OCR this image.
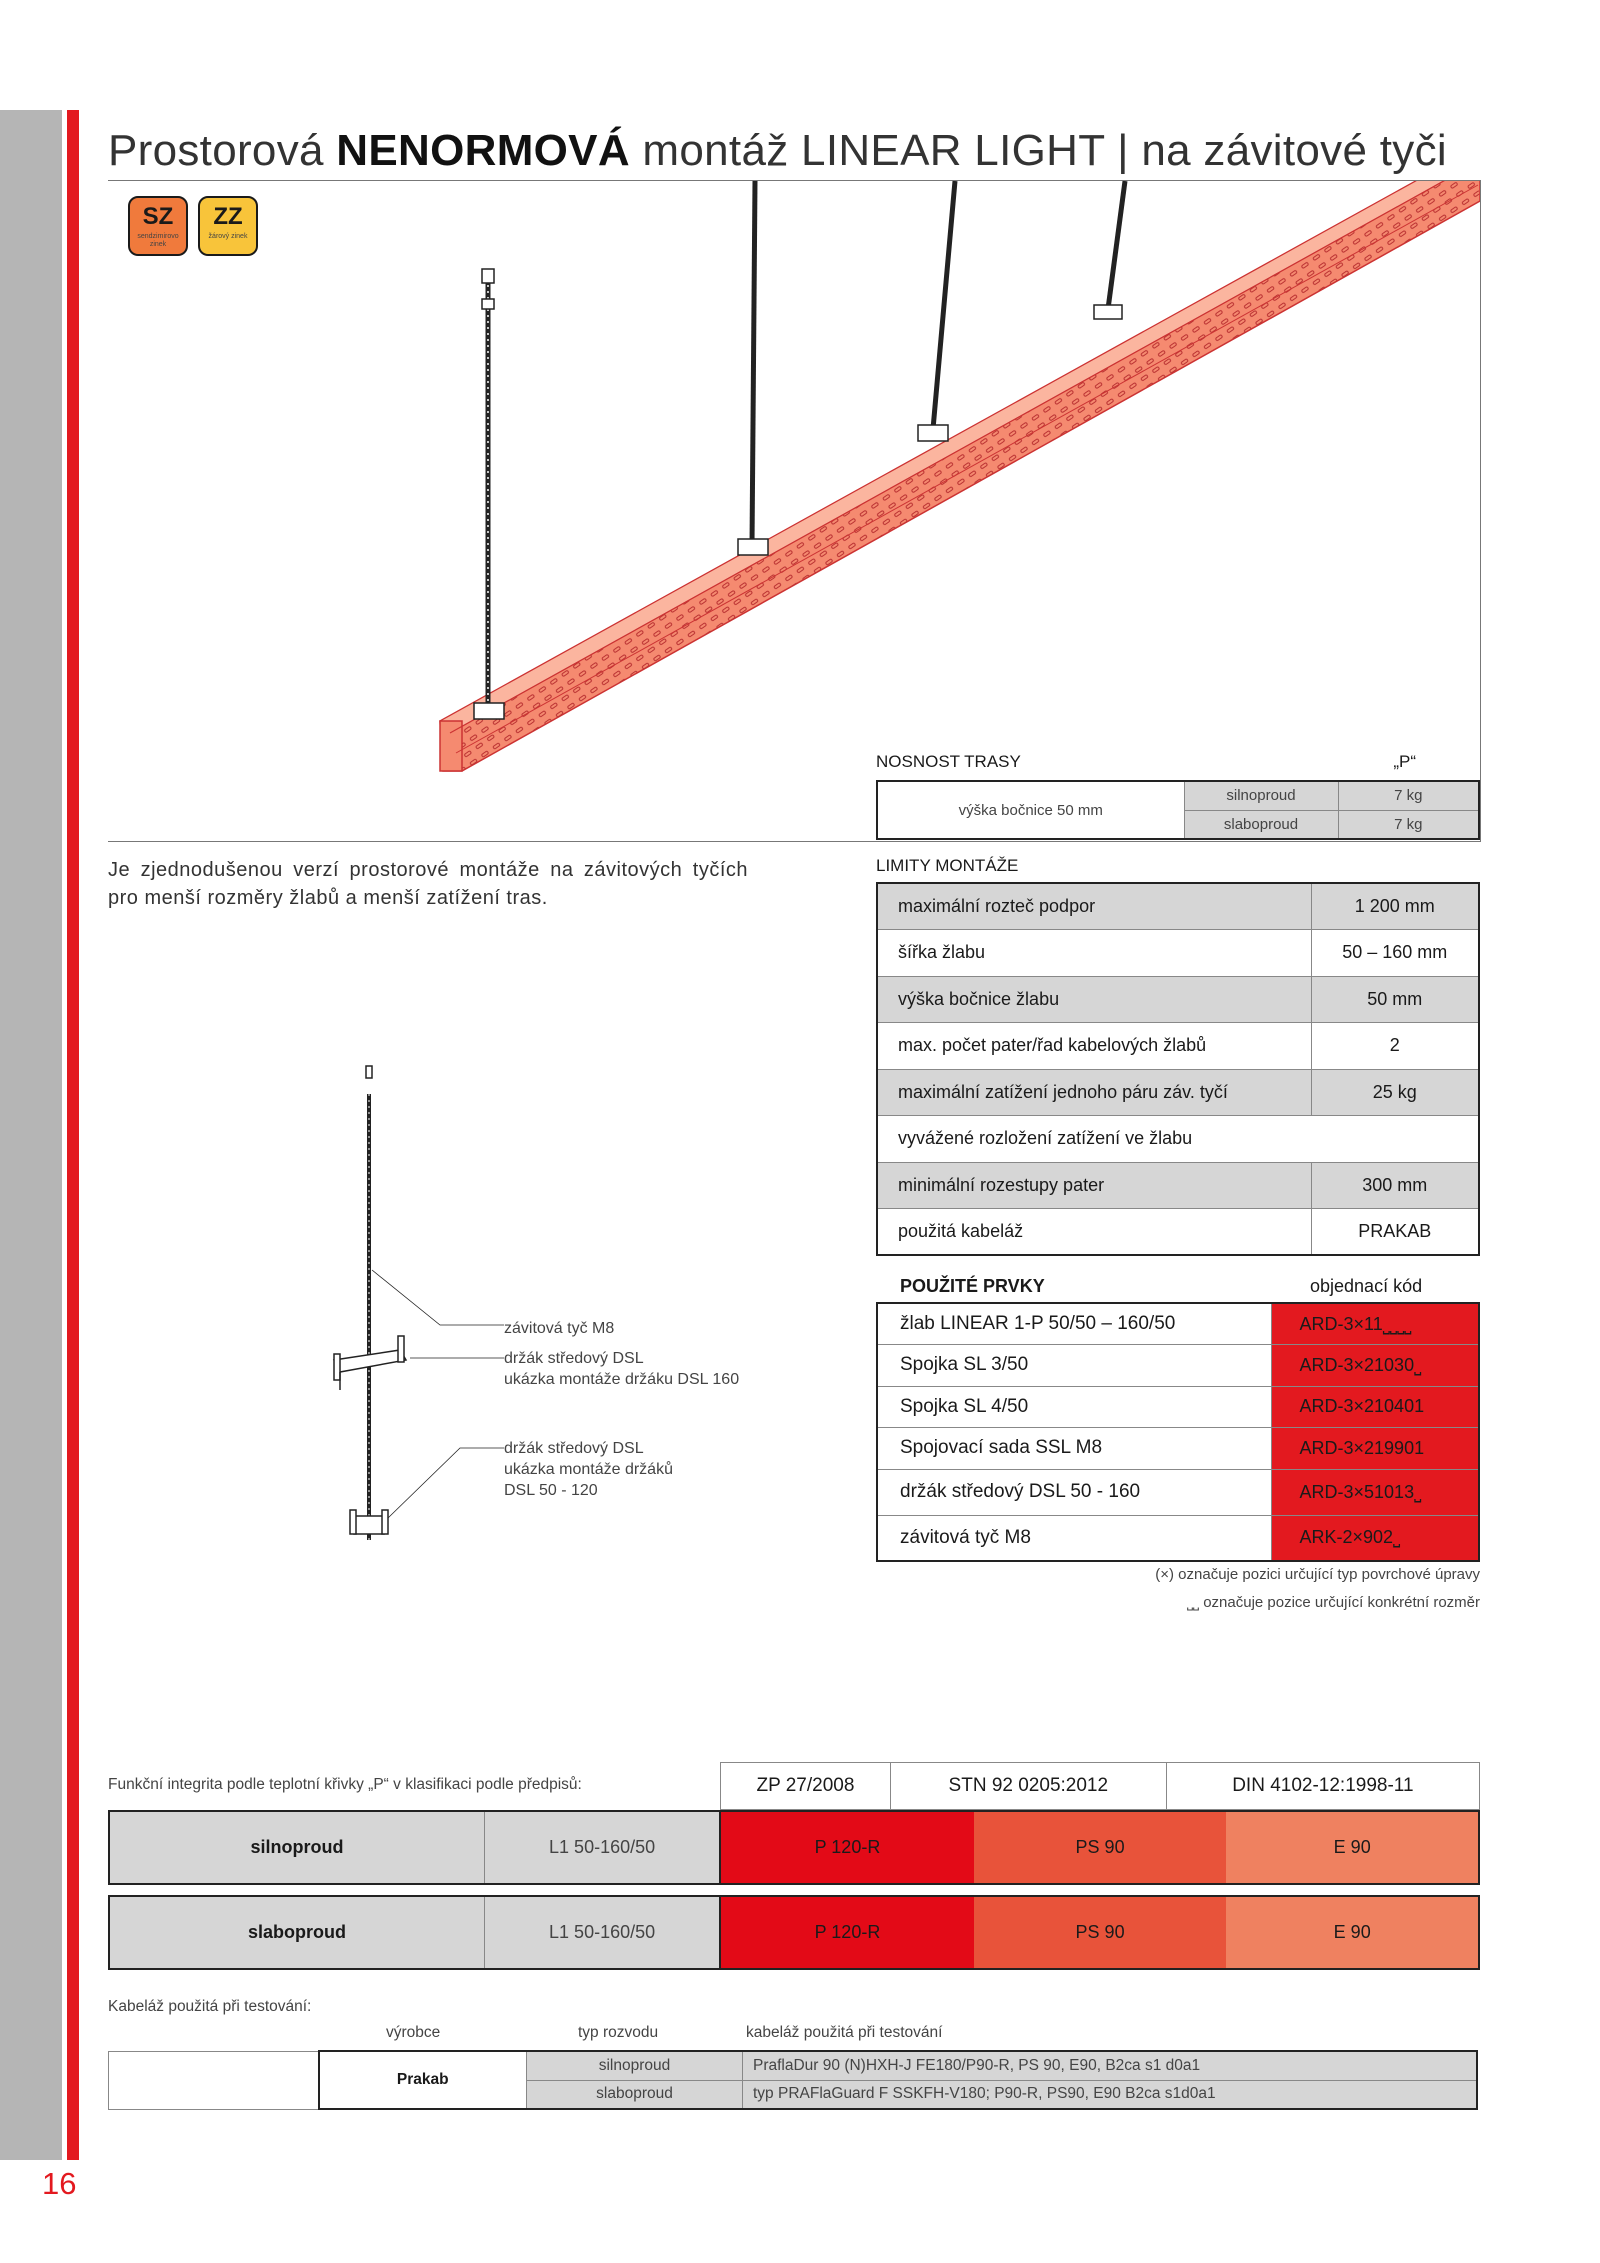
16
Prostorová NENORMOVÁ montáž LINEAR LIGHT | na závitové tyči
SZ
sendzimirovo zinek
ZZ
žárový zinek
NOSNOST TRASY	„P“
výška bočnice 50 mm	silnoproud	7 kg
	slaboproud	7 kg
Je zjednodušenou verzí prostorové montáže na závitových tyčích pro menší rozměry žlabů a menší zatížení tras.
LIMITY MONTÁŽE
maximální rozteč podpor	1 200 mm
šířka žlabu	50 – 160 mm
výška bočnice žlabu	50 mm
max. počet pater/řad kabelových žlabů	2
maximální zatížení jednoho páru záv. tyčí	25 kg
vyvážené rozložení zatížení ve žlabu	
minimální rozestupy pater	300 mm
použitá kabeláž	PRAKAB
závitová tyč M8
držák středový DSL
ukázka montáže držáku DSL 160
držák středový DSL
ukázka montáže držáků
DSL 50 - 120
POUŽITÉ PRVKY	objednací kód
žlab LINEAR 1-P 50/50 – 160/50	ARD-3×11⎵⎵⎵⎵
Spojka SL 3/50	ARD-3×21030⎵
Spojka SL 4/50	ARD-3×210401
Spojovací sada SSL M8	ARD-3×219901
držák středový DSL 50 - 160	ARD-3×51013⎵
závitová tyč M8	ARK-2×902⎵
(×) označuje pozici určující typ povrchové úpravy
⎵⎵ označuje pozice určující konkrétní rozměr
Funkční integrita podle teplotní křivky „P“ v klasifikaci podle předpisů:	ZP 27/2008	STN 92 0205:2012	DIN 4102-12:1998-11
silnoproud	L1 50-160/50	P 120-R	PS 90	E 90
slaboproud	L1 50-160/50	P 120-R	PS 90	E 90
Kabeláž použitá při testování:
výrobce	typ rozvodu	kabeláž použitá při testování
	Prakab	silnoproud	PraflaDur 90 (N)HXH-J FE180/P90-R, PS 90, E90, B2ca s1 d0a1
		slaboproud	typ PRAFlaGuard F SSKFH-V180; P90-R, PS90, E90 B2ca s1d0a1
